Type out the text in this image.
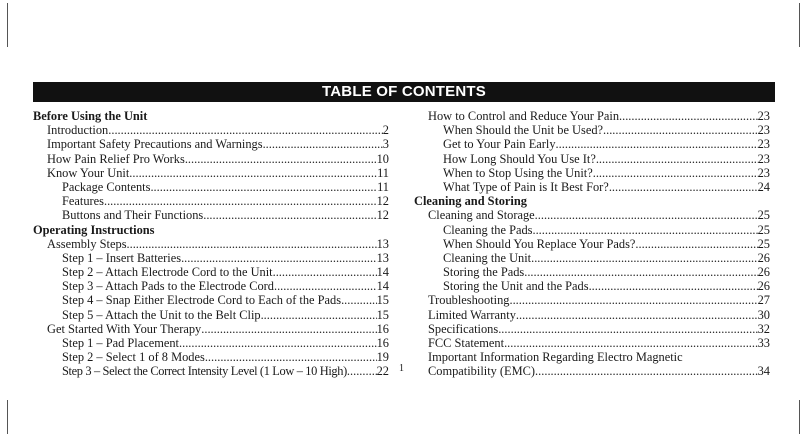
TABLE OF CONTENTS
Before Using the Unit
Introduction .....	2
Important Safety Precautions and Warnings .....	3
How Pain Relief Pro Works .....	10
Know Your Unit .....	11
Package Contents .....	11
Features .....	12
Buttons and Their Functions .....	12
Operating Instructions
Assembly Steps .....	13
Step 1 – Insert Batteries .....	13
Step 2 – Attach Electrode Cord to the Unit .....	14
Step 3 – Attach Pads to the Electrode Cord .....	14
Step 4 – Snap Either Electrode Cord to Each of the Pads .....	15
Step 5 – Attach the Unit to the Belt Clip .....	15
Get Started With Your Therapy .....	16
Step 1 – Pad Placement .....	16
Step 2 – Select 1 of 8 Modes .....	19
Step 3 – Select the Correct Intensity Level (1 Low – 10 High) ..... 22
How to Control and Reduce Your Pain .....	23
When Should the Unit be Used? .....	23
Get to Your Pain Early .....	23
How Long Should You Use It? .....	23
When to Stop Using the Unit? .....	23
What Type of Pain is It Best For? .....	24
Cleaning and Storing
Cleaning and Storage .....	25
Cleaning the Pads .....	25
When Should You Replace Your Pads? .....	25
Cleaning the Unit .....	26
Storing the Pads .....	26
Storing the Unit and the Pads .....	26
Troubleshooting .....	27
Limited Warranty .....	30
Specifications .....	32
FCC Statement .....	33
Important Information Regarding Electro Magnetic
Compatibility (EMC) .....	34
1
